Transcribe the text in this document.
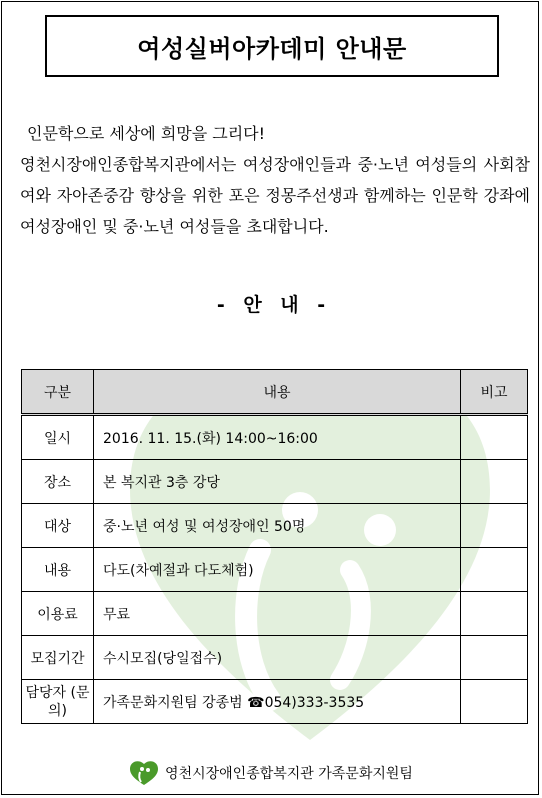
여성실버아카데미 안내문

인문학으로 세상에 희망을 그리다!

영천시장애인종합복지관에서는 여성장애인들과 중·노년 여성들의 사회참여와 자아존중감 향상을 위한 포은 정몽주선생과 함께하는 인문학 강좌에 여성장애인 및 중·노년 여성들을 초대합니다.

- 안 내 -
구분	내용	비고
일시	2016. 11. 15.(화) 14:00~16:00	
장소	본 복지관 3층 강당	
대상	중·노년 여성 및 여성장애인 50명	
내용	다도(차예절과 다도체험)	
이용료	무료	
모집기간	수시모집(당일접수)	
담당자 (문의)	가족문화지원팀 강종범 ☎054)333-3535	
영천시장애인종합복지관 가족문화지원팀
